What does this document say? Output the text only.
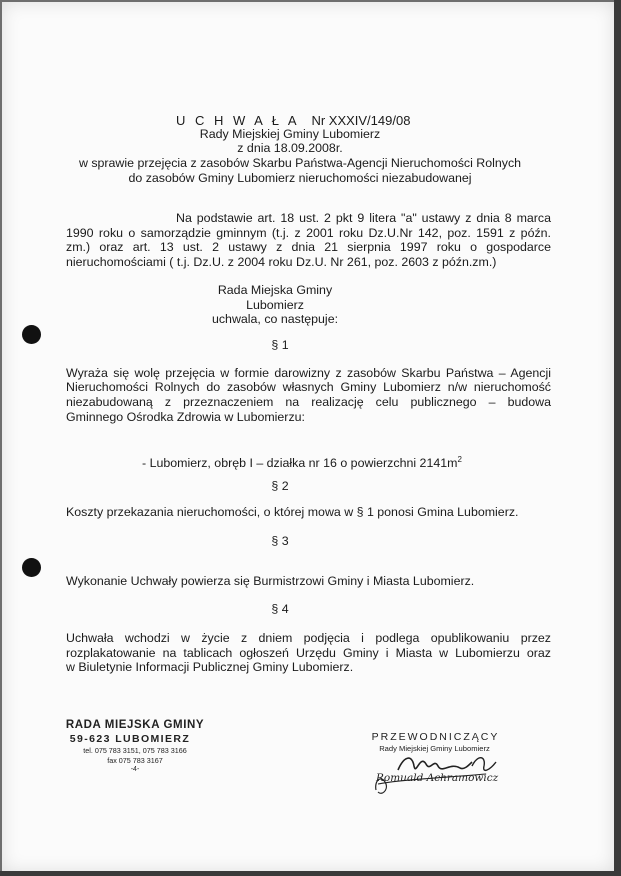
U C H W A Ł A Nr XXXIV/149/08
Rady Miejskiej Gminy Lubomierz
z dnia 18.09.2008r.
w sprawie przejęcia z zasobów Skarbu Państwa-Agencji Nieruchomości Rolnych
do zasobów Gminy Lubomierz nieruchomości niezabudowanej
Na podstawie art. 18 ust. 2 pkt 9 litera "a" ustawy z dnia 8 marca
1990 roku o samorządzie gminnym (t.j. z 2001 roku Dz.U.Nr 142, poz. 1591 z późn.
zm.) oraz art. 13 ust. 2 ustawy z dnia 21 sierpnia 1997 roku o gospodarce
nieruchomościami ( t.j. Dz.U. z 2004 roku Dz.U. Nr 261, poz. 2603 z późn.zm.)
Rada Miejska Gminy
Lubomierz
uchwala, co następuje:
§ 1
Wyraża się wolę przejęcia w formie darowizny z zasobów Skarbu Państwa – Agencji
Nieruchomości Rolnych do zasobów własnych Gminy Lubomierz n/w nieruchomość
niezabudowaną z przeznaczeniem na realizację celu publicznego – budowa
Gminnego Ośrodka Zdrowia w Lubomierzu:
- Lubomierz, obręb I – działka nr 16 o powierzchni $2141m^2$
§ 2
Koszty przekazania nieruchomości, o której mowa w § 1 ponosi Gmina Lubomierz.
§ 3
Wykonanie Uchwały powierza się Burmistrzowi Gminy i Miasta Lubomierz.
§ 4
Uchwała wchodzi w życie z dniem podjęcia i podlega opublikowaniu przez
rozplakatowanie na tablicach ogłoszeń Urzędu Gminy i Miasta w Lubomierzu oraz
w Biuletynie Informacji Publicznej Gminy Lubomierz.
RADA MIEJSKA GMINY
59-623 LUBOMIERZ
tel. 075 783 3151, 075 783 3166
fax 075 783 3167
-4-
PRZEWODNICZĄCY
Rady Miejskiej Gminy Lubomierz
Romuald Achramowicz
